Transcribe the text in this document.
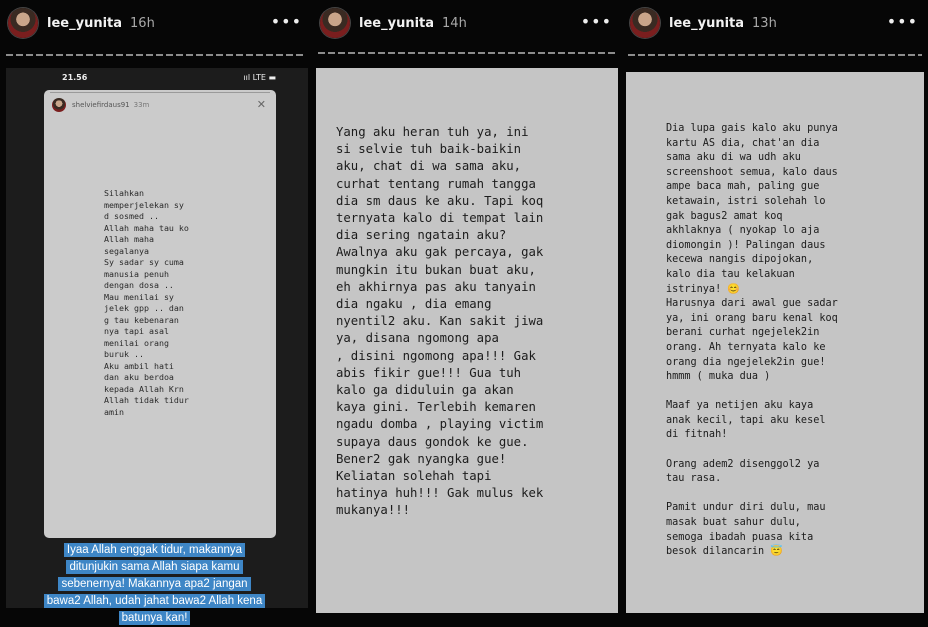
lee_yunita 16h	•••
21.56	ııl LTE ▬
shelviefirdaus91 33m	✕
Silahkan
memperjelekan sy
d sosmed ..
Allah maha tau ko
Allah maha
segalanya
Sy sadar sy cuma
manusia penuh
dengan dosa ..
Mau menilai sy
jelek gpp .. dan
g tau kebenaran
nya tapi asal
menilai orang
buruk ..
Aku ambil hati
dan aku berdoa
kepada Allah Krn
Allah tidak tidur
amin
Iyaa Allah enggak tidur, makannya ditunjukin sama Allah siapa kamu sebenernya! Makannya apa2 jangan bawa2 Allah, udah jahat bawa2 Allah kena batunya kan!
lee_yunita 14h	•••
Yang aku heran tuh ya, ini
si selvie tuh baik-baikin
aku, chat di wa sama aku,
curhat tentang rumah tangga
dia sm daus ke aku. Tapi koq
ternyata kalo di tempat lain
dia sering ngatain aku?
Awalnya aku gak percaya, gak
mungkin itu bukan buat aku,
eh akhirnya pas aku tanyain
dia ngaku , dia emang
nyentil2 aku. Kan sakit jiwa
ya, disana ngomong apa
, disini ngomong apa!!! Gak
abis fikir gue!!! Gua tuh
kalo ga diduluin ga akan
kaya gini. Terlebih kemaren
ngadu domba , playing victim
supaya daus gondok ke gue.
Bener2 gak nyangka gue!
Keliatan solehah tapi
hatinya huh!!! Gak mulus kek
mukanya!!!
lee_yunita 13h	•••
Dia lupa gais kalo aku punya
kartu AS dia, chat'an dia
sama aku di wa udh aku
screenshoot semua, kalo daus
ampe baca mah, paling gue
ketawain, istri solehah lo
gak bagus2 amat koq
akhlaknya ( nyokap lo aja
diomongin )! Palingan daus
kecewa nangis dipojokan,
kalo dia tau kelakuan
istrinya! 😊
Harusnya dari awal gue sadar
ya, ini orang baru kenal koq
berani curhat ngejelek2in
orang. Ah ternyata kalo ke
orang dia ngejelek2in gue!
hmmm ( muka dua )

Maaf ya netijen aku kaya
anak kecil, tapi aku kesel
di fitnah!

Orang adem2 disenggol2 ya
tau rasa.

Pamit undur diri dulu, mau
masak buat sahur dulu,
semoga ibadah puasa kita
besok dilancarin 😇
